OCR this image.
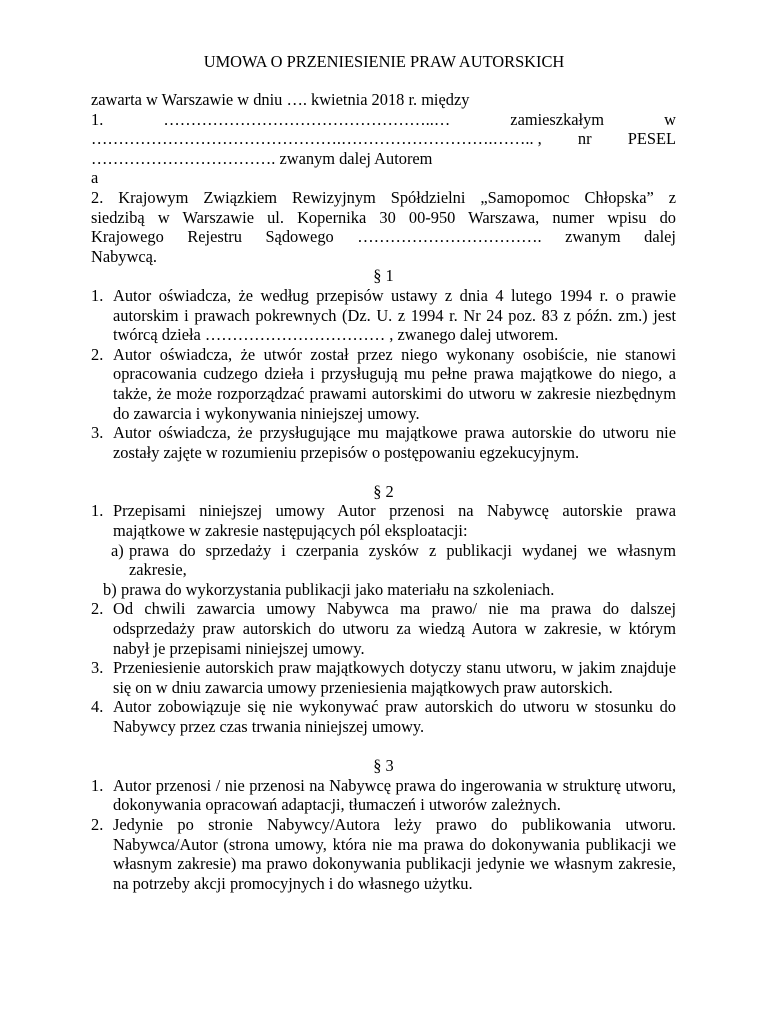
UMOWA O PRZENIESIENIE PRAW AUTORSKICH
zawarta w Warszawie w dniu …. kwietnia 2018 r. między
1.	…………………………………………..…	zamieszkałym	w
……………………………………….……………………….…….. , nr PESEL
……………………………. zwanym dalej Autorem
a

2. Krajowym Związkiem Rewizyjnym Spółdzielni „Samopomoc Chłopska” z

siedzibą w Warszawie ul. Kopernika 30 00-950 Warszawa, numer wpisu do

Krajowego Rejestru Sądowego ……………………………. zwanym dalej

Nabywcą.

§ 1
1. Autor oświadcza, że według przepisów ustawy z dnia 4 lutego 1994 r. o prawie autorskim i prawach pokrewnych (Dz. U. z 1994 r. Nr 24 poz. 83 z późn. zm.) jest twórcą dzieła …………………………… , zwanego dalej utworem.
2. Autor oświadcza, że utwór został przez niego wykonany osobiście, nie stanowi opracowania cudzego dzieła i przysługują mu pełne prawa majątkowe do niego, a także, że może rozporządzać prawami autorskimi do utworu w zakresie niezbędnym do zawarcia i wykonywania niniejszej umowy.
3. Autor oświadcza, że przysługujące mu majątkowe prawa autorskie do utworu nie zostały zajęte w rozumieniu przepisów o postępowaniu egzekucyjnym.
§ 2
1. Przepisami niniejszej umowy Autor przenosi na Nabywcę autorskie prawa majątkowe w zakresie następujących pól eksploatacji:
a) prawa do sprzedaży i czerpania zysków z publikacji wydanej we własnym zakresie,
b) prawa do wykorzystania publikacji jako materiału na szkoleniach.
2. Od chwili zawarcia umowy Nabywca ma prawo/ nie ma prawa do dalszej odsprzedaży praw autorskich do utworu za wiedzą Autora w zakresie, w którym nabył je przepisami niniejszej umowy.
3. Przeniesienie autorskich praw majątkowych dotyczy stanu utworu, w jakim znajduje się on w dniu zawarcia umowy przeniesienia majątkowych praw autorskich.
4. Autor zobowiązuje się nie wykonywać praw autorskich do utworu w stosunku do Nabywcy przez czas trwania niniejszej umowy.
§ 3
1. Autor przenosi / nie przenosi na Nabywcę prawa do ingerowania w strukturę utworu, dokonywania opracowań adaptacji, tłumaczeń i utworów zależnych.
2. Jedynie po stronie Nabywcy/Autora leży prawo do publikowania utworu. Nabywca/Autor (strona umowy, która nie ma prawa do dokonywania publikacji we własnym zakresie) ma prawo dokonywania publikacji jedynie we własnym zakresie, na potrzeby akcji promocyjnych i do własnego użytku.
